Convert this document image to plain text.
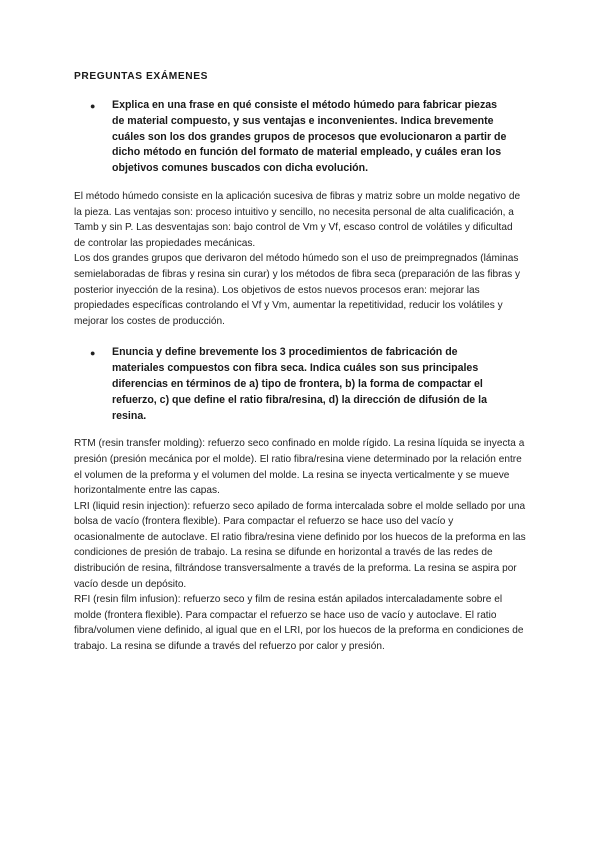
PREGUNTAS EXÁMENES
●	Explica en una frase en qué consiste el método húmedo para fabricar piezas de material compuesto, y sus ventajas e inconvenientes. Indica brevemente cuáles son los dos grandes grupos de procesos que evolucionaron a partir de dicho método en función del formato de material empleado, y cuáles eran los objetivos comunes buscados con dicha evolución.

El método húmedo consiste en la aplicación sucesiva de fibras y matriz sobre un molde negativo de la pieza. Las ventajas son: proceso intuitivo y sencillo, no necesita personal de alta cualificación, a Tamb y sin P. Las desventajas son: bajo control de Vm y Vf, escaso control de volátiles y dificultad de controlar las propiedades mecánicas.

Los dos grandes grupos que derivaron del método húmedo son el uso de preimpregnados (láminas semielaboradas de fibras y resina sin curar) y los métodos de fibra seca (preparación de las fibras y posterior inyección de la resina). Los objetivos de estos nuevos procesos eran: mejorar las propiedades específicas controlando el Vf y Vm, aumentar la repetitividad, reducir los volátiles y mejorar los costes de producción.

●	Enuncia y define brevemente los 3 procedimientos de fabricación de materiales compuestos con fibra seca. Indica cuáles son sus principales diferencias en términos de a) tipo de frontera, b) la forma de compactar el refuerzo, c) que define el ratio fibra/resina, d) la dirección de difusión de la resina.

RTM (resin transfer molding): refuerzo seco confinado en molde rígido. La resina líquida se inyecta a presión (presión mecánica por el molde). El ratio fibra/resina viene determinado por la relación entre el volumen de la preforma y el volumen del molde. La resina se inyecta verticalmente y se mueve horizontalmente entre las capas.

LRI (liquid resin injection): refuerzo seco apilado de forma intercalada sobre el molde sellado por una bolsa de vacío (frontera flexible). Para compactar el refuerzo se hace uso del vacío y ocasionalmente de autoclave. El ratio fibra/resina viene definido por los huecos de la preforma en las condiciones de presión de trabajo. La resina se difunde en horizontal a través de las redes de distribución de resina, filtrándose transversalmente a través de la preforma. La resina se aspira por vacío desde un depósito.

RFI (resin film infusion): refuerzo seco y film de resina están apilados intercaladamente sobre el molde (frontera flexible). Para compactar el refuerzo se hace uso de vacío y autoclave. El ratio fibra/volumen viene definido, al igual que en el LRI, por los huecos de la preforma en condiciones de trabajo. La resina se difunde a través del refuerzo por calor y presión.
